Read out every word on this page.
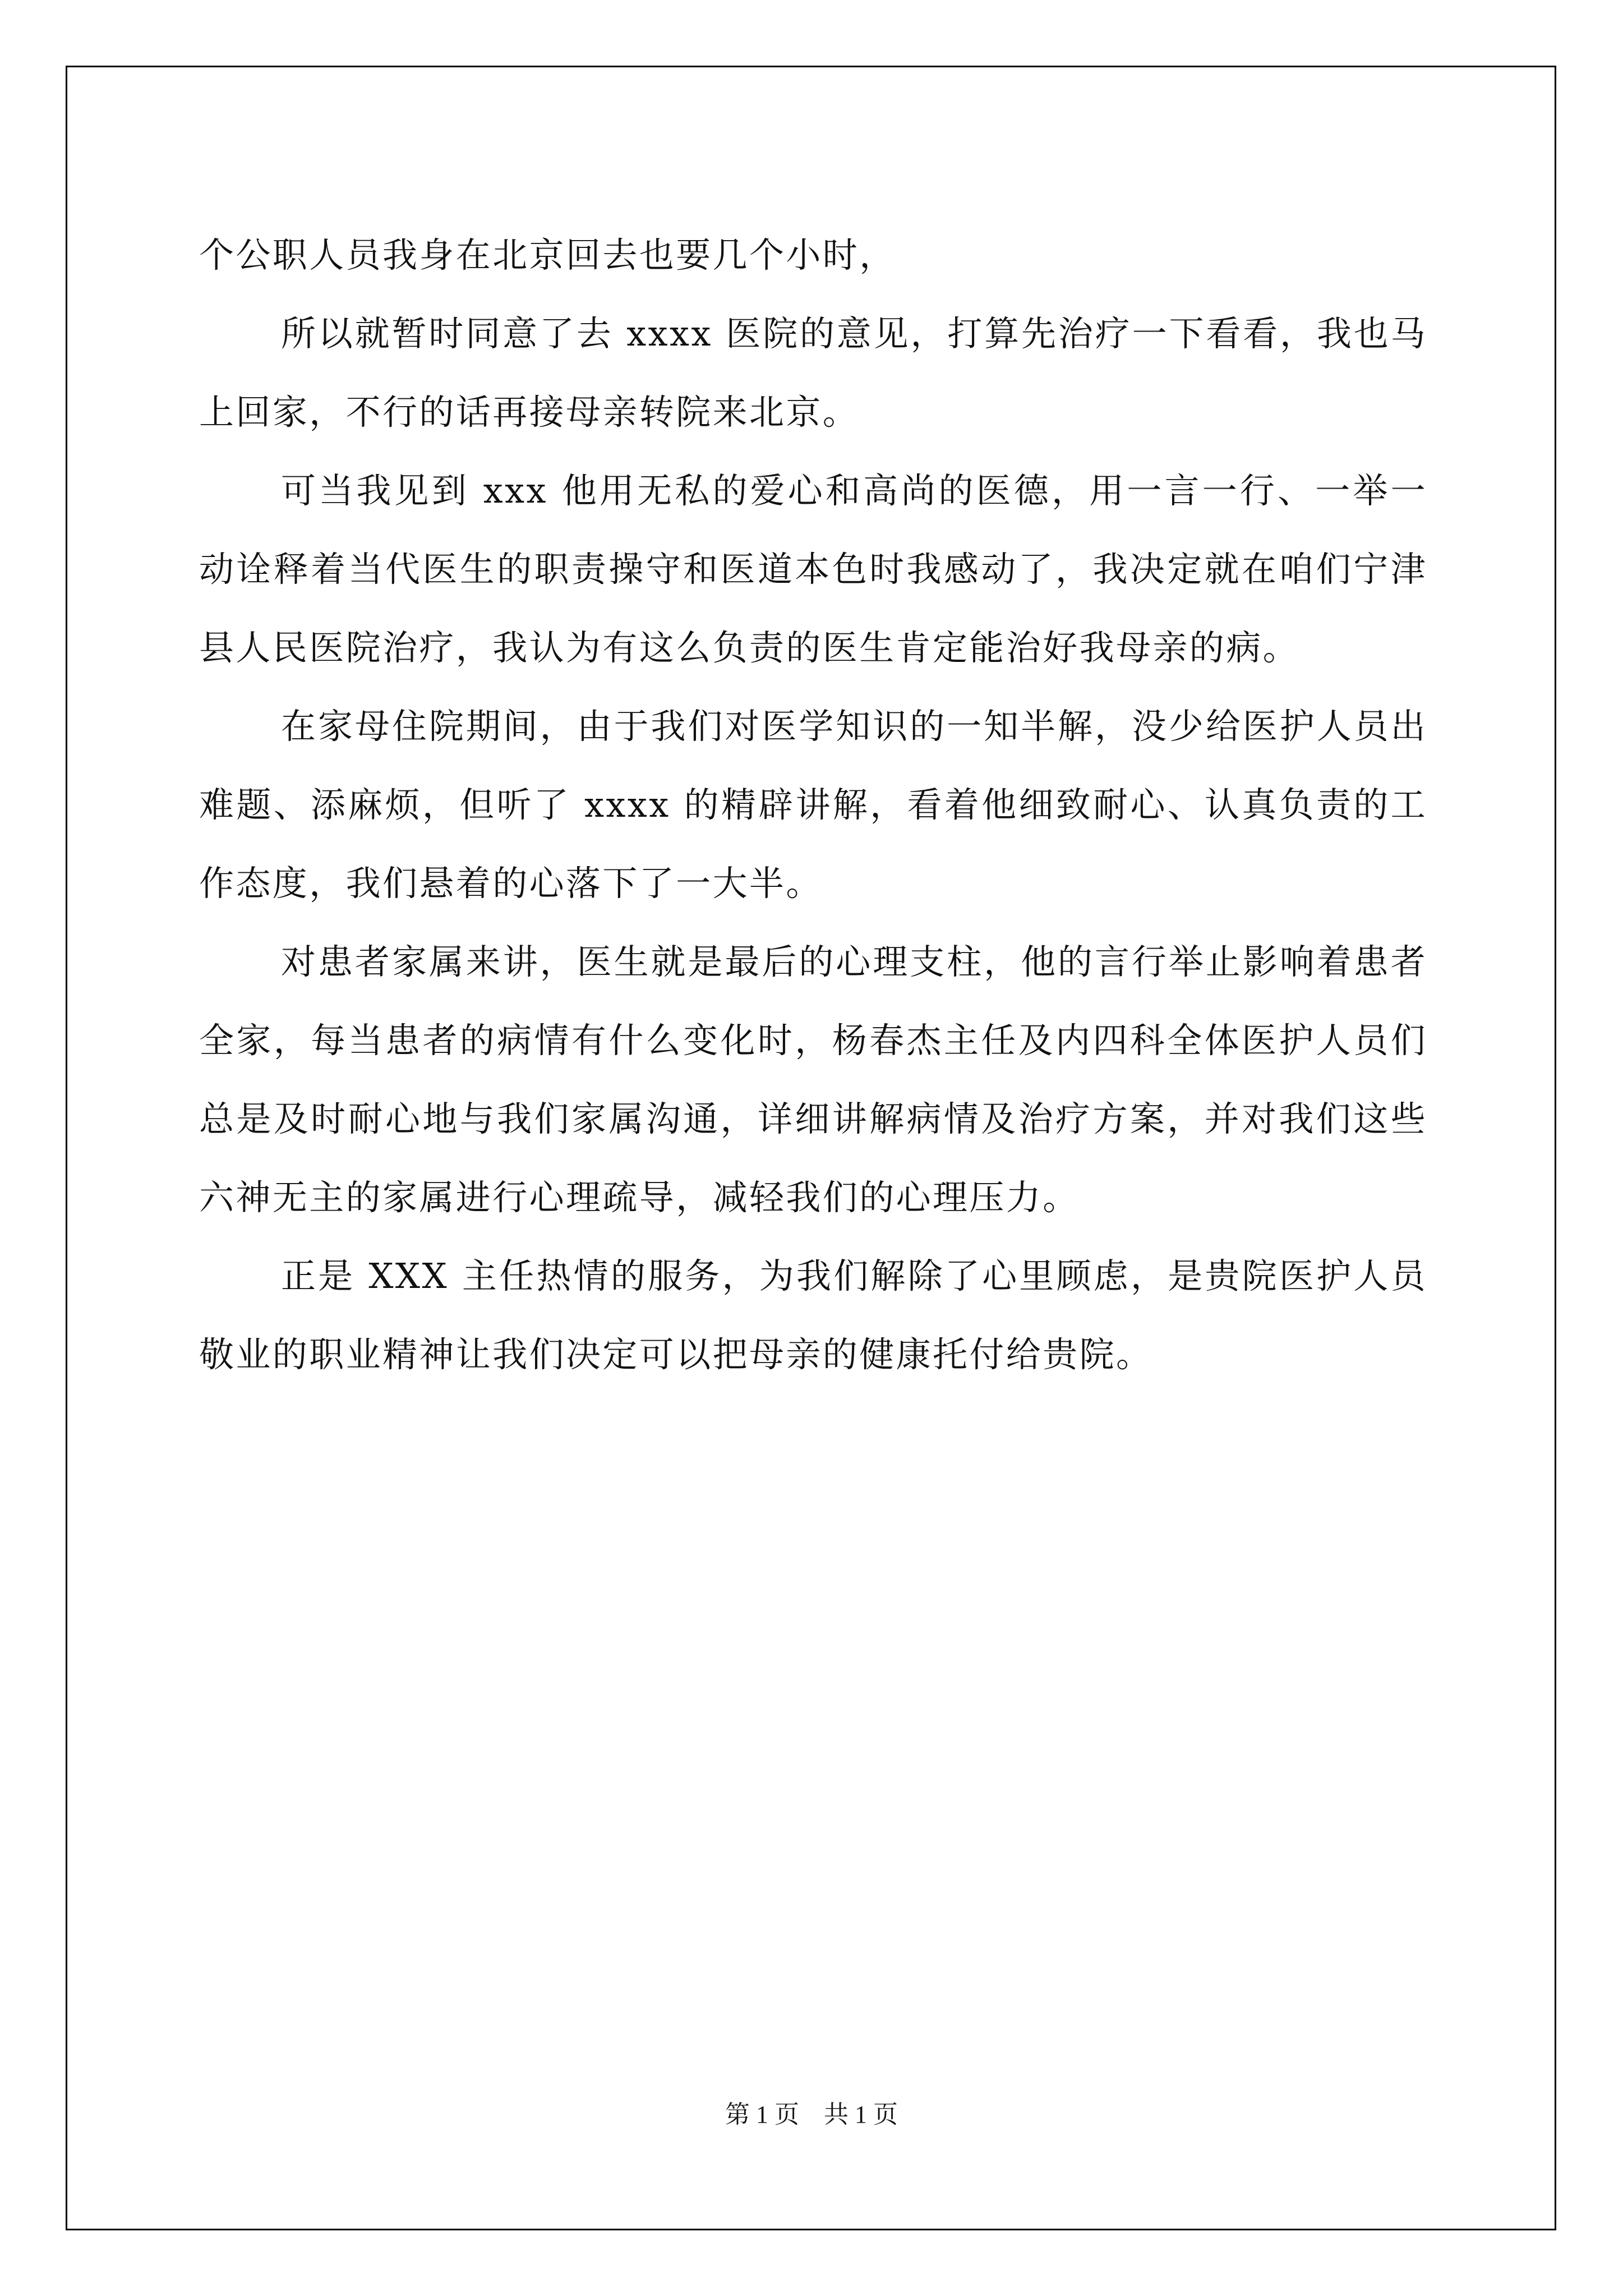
个公职人员我身在北京回去也要几个小时，

所以就暂时同意了去 xxxx 医院的意见，打算先治疗一下看看，我也马上回家，不行的话再接母亲转院来北京。

可当我见到 xxx 他用无私的爱心和高尚的医德，用一言一行、一举一动诠释着当代医生的职责操守和医道本色时我感动了，我决定就在咱们宁津县人民医院治疗，我认为有这么负责的医生肯定能治好我母亲的病。

在家母住院期间，由于我们对医学知识的一知半解，没少给医护人员出难题、添麻烦，但听了 xxxx 的精辟讲解，看着他细致耐心、认真负责的工作态度，我们悬着的心落下了一大半。

对患者家属来讲，医生就是最后的心理支柱，他的言行举止影响着患者全家，每当患者的病情有什么变化时，杨春杰主任及内四科全体医护人员们总是及时耐心地与我们家属沟通，详细讲解病情及治疗方案，并对我们这些六神无主的家属进行心理疏导，减轻我们的心理压力。

正是 XXX 主任热情的服务，为我们解除了心里顾虑，是贵院医护人员敬业的职业精神让我们决定可以把母亲的健康托付给贵院。

第 1 页　共 1 页
